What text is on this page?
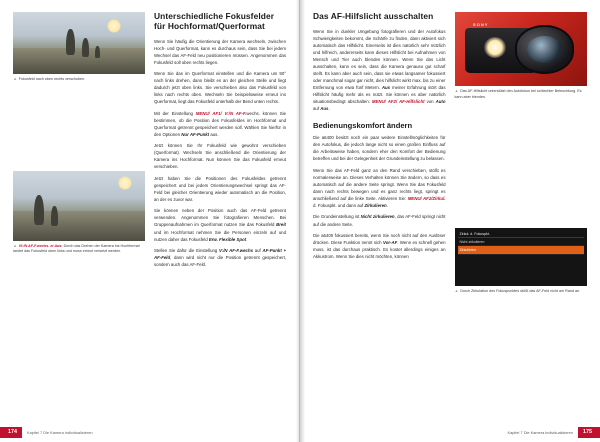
▲ Fokusfeld nach oben rechts verschoben.
▲ VI:/N AF-F.wechs. ei Aus: Durch das Drehen der Kamera ins Hochformat landet das Fokusfeld oben links und muss erneut versetzt werden.
Unterschiedliche Fokusfelder für Hochformat/Querformat

Wenn Sie häufig die Orientierung der Kamera wechseln, zwischen Hoch- und Querformat, kann es durchaus sein, dass Sie bei jedem Wechsel das AF-Feld neu positionieren müssen. Angenommen das Fokusfeld soll oben rechts liegen.

Wenn Sie das im Querformat einstellen und die Kamera um 90° nach links drehen, dann bleibt es an der gleichen Stelle und liegt dadurch jetzt oben links. Sie verschieben also das Fokusfeld von links nach rechts oben. Wechseln Sie beispielsweise erneut ins Querformat, liegt das Fokusfeld unterhalb der Bend unten rechts.

Mit der Einstellung MENU/ AF1/ V:/N AF-F.wechs. können Sie bestimmen, ob die Position des Fokusfeldes im Hochformat und Querformat getrennt gespeichert werden soll. Wählen Sie hierfür in den Optionen Nur AF-Punkt aus.

Jetzt können Sie Ihr Fokusfeld wie gewohnt verschieben (Querformat). Wechseln Sie anschließend die Orientierung der Kamera ins Hochformat. Nun können Sie das Fokusfeld erneut verschieben.

Jetzt haben Sie die Positionen des Fokusfeldes getrennt gespeichert und bei jedem Orientierungswechsel springt das AF-Feld bei gleicher Orientierung wieder automatisch an die Position, an der es zuvor war.

Sie können neben der Position auch das AF-Feld getrennt verwenden. Angenommen Sie fotografieren Menschen. Bei Gruppenaufnahmen im Querformat nutzen Sie das Fokusfeld Breit und im Hochformat nehmen Sie die Personen einzeln auf und nutzen daher das Fokusfeld Erw. Flexible Spot.

Stellen Sie dafür die Einstellung V:/N AF-F.wechs auf AF-Punkt + AF-Feld, dann wird nicht nur die Position getrennt gespeichert, sondern auch das AF-Feld.

174	Kapitel 7 Die Kamera individualisieren
Das AF-Hilfslicht ausschalten

Wenn Sie in dunkler Umgebung fotografieren und der Autofokus Schwierigkeiten bekommt, die Schärfe zu finden, dann aktiviert sich automatisch das Hilfslicht. Einerseits ist dies natürlich sehr nützlich und hilfreich, andererseits kann dieses Hilfslicht bei Aufnahmen von Mensch und Tier auch blenden können. Wenn Sie das Licht ausschalten, kann es sein, dass die Kamera genauso gut scharf stellt. Es kann aber auch sein, dass sie etwas langsamer fokussiert oder manchmal sogar gar nicht, dies hilfslicht wirkt max. bis zu einer Entfernung von etwa fünf Metern. Aus meiner Erfahrung stört das Hilfslicht häufig mehr als es nützt. Sie können es aber natürlich situationsbedingt abschalten: MENU/ AF2/ AF-Hilfslicht von Auto auf Aus.

Bedienungskomfort ändern

Die a6400 besitzt noch ein paar weitere Einstellmöglichkeiten für den Autofokus, die jedoch lange nicht so einen großen Einfluss auf die Arbeitsweise haben, sondern eher den Komfort der Bedienung betreffen und bei der Gelegenheit der Grundeinstellung zu belassen.

Wenn Sie das AF-Feld ganz an den Rand verschieben, stößt es normalerweise an. Dieses Verhalten können Sie ändern, so dass es automatisch auf die andere Seite springt. Wenn Sie das Fokusfeld dann nach rechts bewegen und es ganz rechts liegt, springt es anschließend auf die linke Seite. Aktivieren Sie: MENU/ AF2/Zirkul. d. Fokuspkt. und dann auf Zirkulieren.

Die Grundeinstellung ist Nicht zirkulieren, das AF-Feld springt nicht auf die andere Seite.

Die a6400 fokussiert bereits, wenn Sie noch nicht auf den Auslöser drücken. Diese Funktion nennt sich Vor-AF. Wenn es schnell gehen muss, ist das durchaus praktisch. Es kostet allerdings einiges an Akkustrom. Wenn Sie dies nicht möchten, können

SONY
▲ Das AF-Hilfslicht unterstützt den Autofokus bei schlechter Beleuchtung. Es kann aber blenden.
Zirkul. d. Fokuspkt.
Nicht zirkulieren
Zirkulieren
▲ Durch Zirkulation des Fokuspunktes stößt das AF-Feld nicht am Rand an.
175
Kapitel 7 Die Kamera individualisieren
